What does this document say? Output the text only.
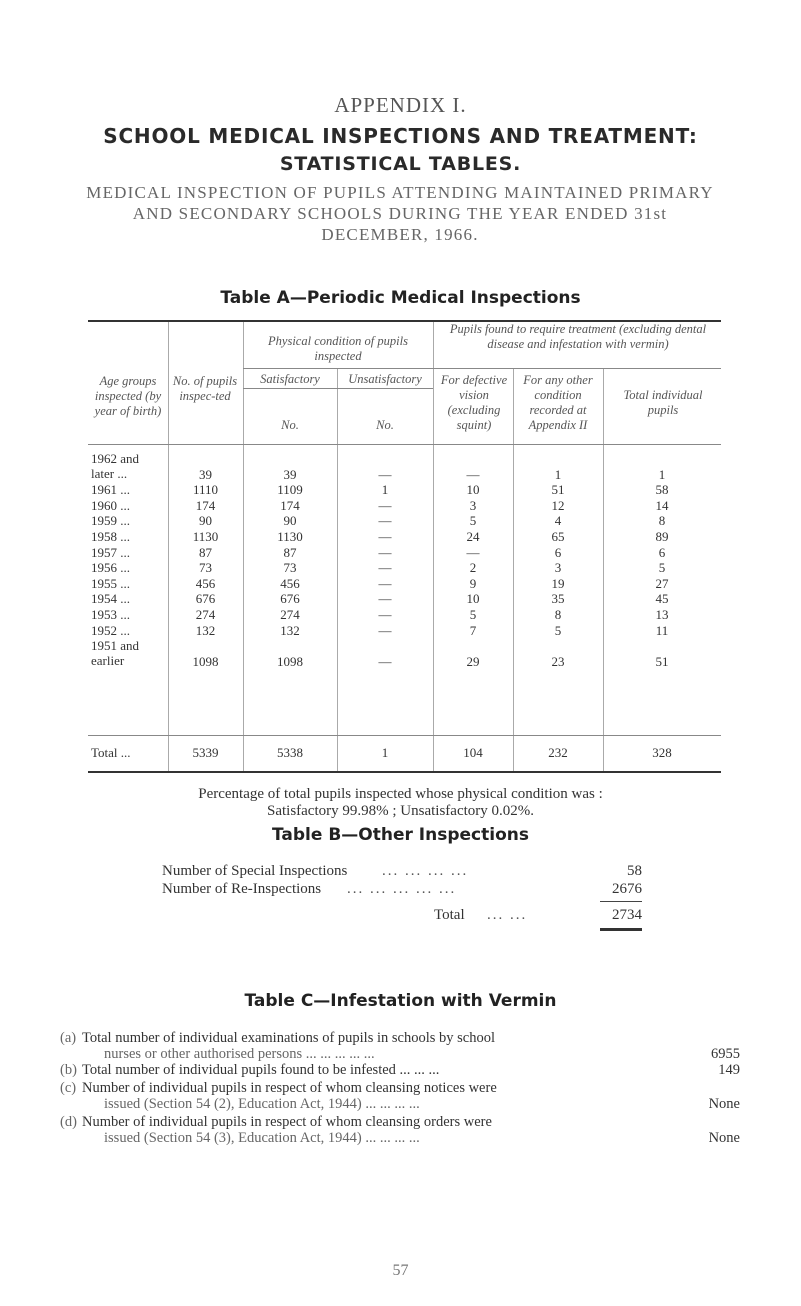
APPENDIX I.
SCHOOL MEDICAL INSPECTIONS AND TREATMENT:
STATISTICAL TABLES.
MEDICAL INSPECTION OF PUPILS ATTENDING MAINTAINED PRIMARY AND SECONDARY SCHOOLS DURING THE YEAR ENDED 31st DECEMBER, 1966.
Table A—Periodic Medical Inspections
Age groups inspected (by year of birth)
No. of pupils inspec-ted
Physical condition of pupils inspected
Satisfactory	Unsatisfactory
No.	No.
Pupils found to require treatment (excluding dental disease and infestation with vermin)
For defective vision (excluding squint)
For any other condition recorded at Appendix II
Total individual pupils
1962 and later ...	39	39	—	—	1	1
1961 ...	1110	1109	1	10	51	58
1960 ...	174	174	—	3	12	14
1959 ...	90	90	—	5	4	8
1958 ...	1130	1130	—	24	65	89
1957 ...	87	87	—	—	6	6
1956 ...	73	73	—	2	3	5
1955 ...	456	456	—	9	19	27
1954 ...	676	676	—	10	35	45
1953 ...	274	274	—	5	8	13
1952 ...	132	132	—	7	5	11
1951 and earlier	1098	1098	—	29	23	51
Total ...	5339	5338	1	104	232	328
Percentage of total pupils inspected whose physical condition was :
Satisfactory 99.98% ; Unsatisfactory 0.02%.
Table B—Other Inspections
Number of Special Inspections ... ... ... ...	58
Number of Re-Inspections ... ... ... ... ...	2676
Total ... ...	2734
Table C—Infestation with Vermin
(a) Total number of individual examinations of pupils in schools by school
nurses or other authorised persons ... ... ... ... ...	6955
(b) Total number of individual pupils found to be infested ... ... ...	149
(c) Number of individual pupils in respect of whom cleansing notices were
issued (Section 54 (2), Education Act, 1944) ... ... ... ...	None
(d) Number of individual pupils in respect of whom cleansing orders were
issued (Section 54 (3), Education Act, 1944) ... ... ... ...	None
57
